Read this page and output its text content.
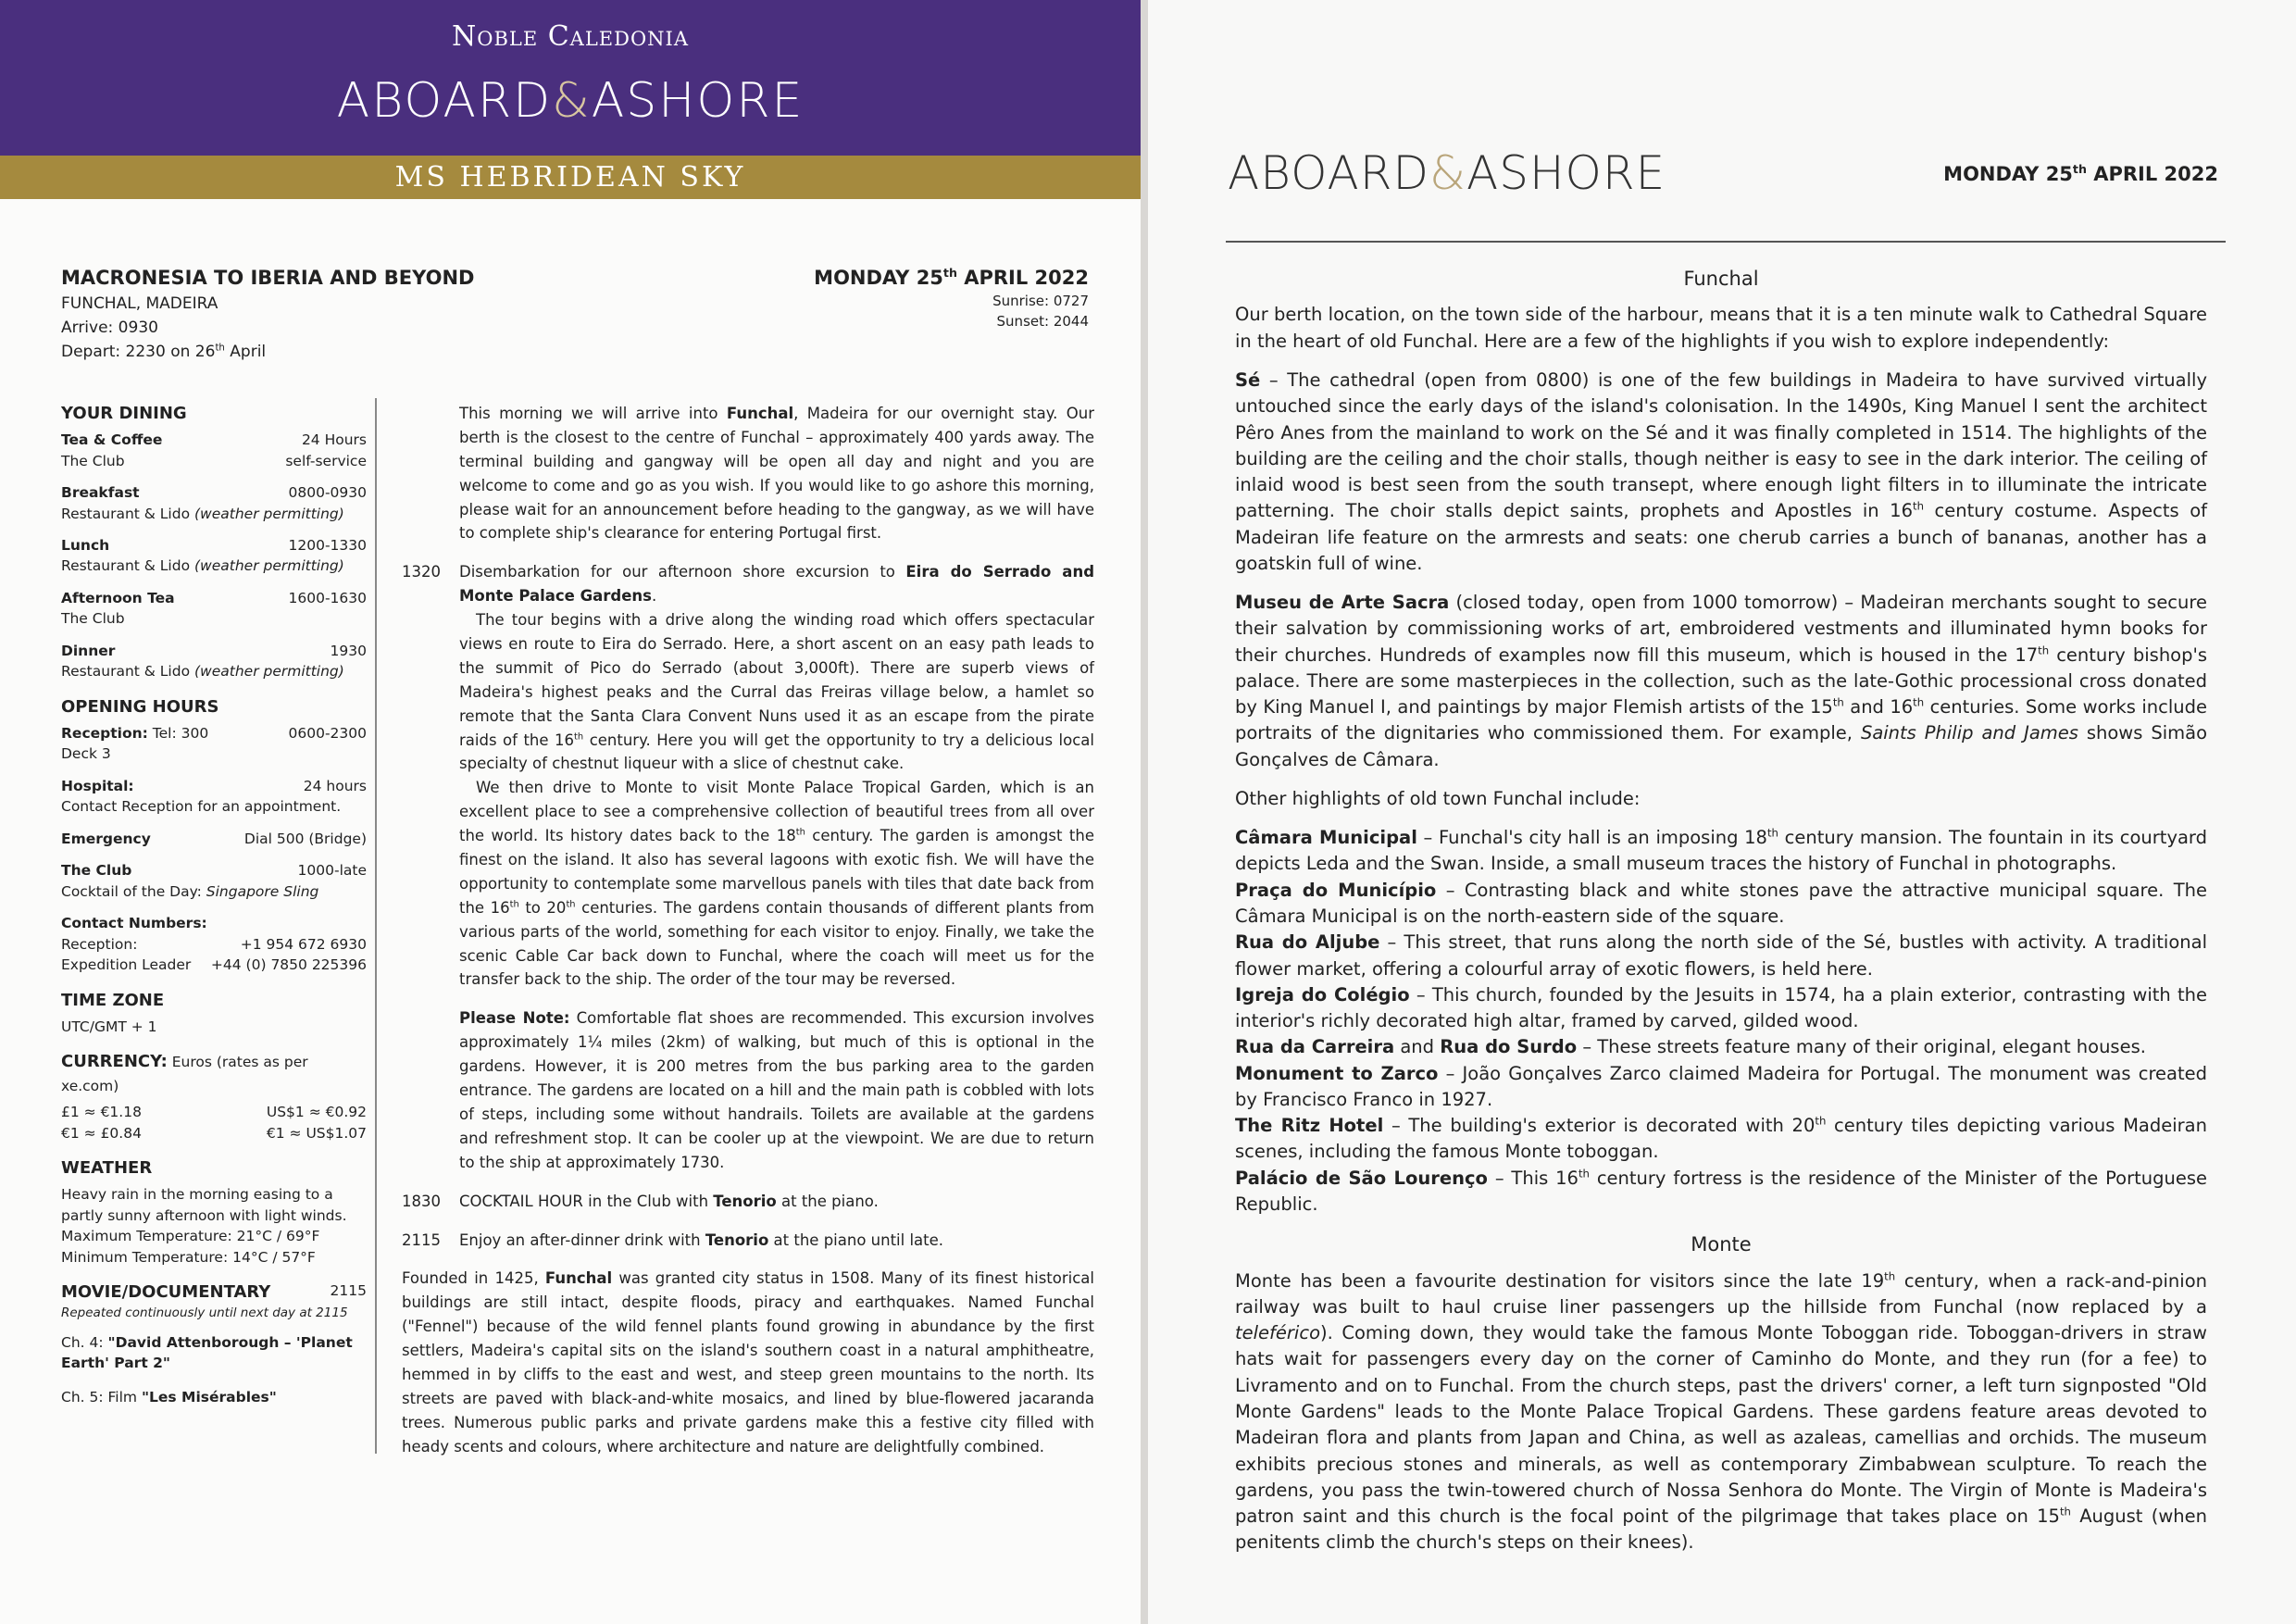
Noble Caledonia
ABOARD&ASHORE
MS HEBRIDEAN SKY
MACRONESIA TO IBERIA AND BEYOND
FUNCHAL, MADEIRA
Arrive: 0930
Depart: 2230 on 26th April
MONDAY 25th APRIL 2022
Sunrise: 0727
Sunset: 2044
YOUR DINING
Tea & Coffee	24 Hours
The Club	self-service
Breakfast	0800-0930
Restaurant & Lido (weather permitting)
Lunch	1200-1330
Restaurant & Lido (weather permitting)
Afternoon Tea	1600-1630
The Club
Dinner	1930
Restaurant & Lido (weather permitting)
OPENING HOURS
Reception: Tel: 300	0600-2300
Deck 3
Hospital:	24 hours
Contact Reception for an appointment.
Emergency	Dial 500 (Bridge)
The Club	1000-late
Cocktail of the Day: Singapore Sling
Contact Numbers:
Reception:	+1 954 672 6930
Expedition Leader +44 (0) 7850 225396
TIME ZONE
UTC/GMT + 1
CURRENCY: Euros (rates as per xe.com)
£1 ≈ €1.18	US$1 ≈ €0.92
€1 ≈ £0.84	€1 ≈ US$1.07
WEATHER
Heavy rain in the morning easing to a partly sunny afternoon with light winds.
Maximum Temperature: 21°C / 69°F
Minimum Temperature: 14°C / 57°F
MOVIE/DOCUMENTARY	2115
Repeated continuously until next day at 2115
Ch. 4: "David Attenborough – 'Planet Earth' Part 2"
Ch. 5: Film "Les Misérables"
This morning we will arrive into Funchal, Madeira for our overnight stay. Our berth is the closest to the centre of Funchal – approximately 400 yards away. The terminal building and gangway will be open all day and night and you are welcome to come and go as you wish. If you would like to go ashore this morning, please wait for an announcement before heading to the gangway, as we will have to complete ship's clearance for entering Portugal first.
1320 Disembarkation for our afternoon shore excursion to Eira do Serrado and Monte Palace Gardens.
The tour begins with a drive along the winding road which offers spectacular views en route to Eira do Serrado. Here, a short ascent on an easy path leads to the summit of Pico do Serrado (about 3,000ft). There are superb views of Madeira's highest peaks and the Curral das Freiras village below, a hamlet so remote that the Santa Clara Convent Nuns used it as an escape from the pirate raids of the 16th century. Here you will get the opportunity to try a delicious local specialty of chestnut liqueur with a slice of chestnut cake.
We then drive to Monte to visit Monte Palace Tropical Garden, which is an excellent place to see a comprehensive collection of beautiful trees from all over the world. Its history dates back to the 18th century. The garden is amongst the finest on the island. It also has several lagoons with exotic fish. We will have the opportunity to contemplate some marvellous panels with tiles that date back from the 16th to 20th centuries. The gardens contain thousands of different plants from various parts of the world, something for each visitor to enjoy. Finally, we take the scenic Cable Car back down to Funchal, where the coach will meet us for the transfer back to the ship. The order of the tour may be reversed.
Please Note: Comfortable flat shoes are recommended. This excursion involves approximately 1¼ miles (2km) of walking, but much of this is optional in the gardens. However, it is 200 metres from the bus parking area to the garden entrance. The gardens are located on a hill and the main path is cobbled with lots of steps, including some without handrails. Toilets are available at the gardens and refreshment stop. It can be cooler up at the viewpoint. We are due to return to the ship at approximately 1730.
1830 COCKTAIL HOUR in the Club with Tenorio at the piano.
2115 Enjoy an after-dinner drink with Tenorio at the piano until late.
Founded in 1425, Funchal was granted city status in 1508. Many of its finest historical buildings are still intact, despite floods, piracy and earthquakes. Named Funchal ("Fennel") because of the wild fennel plants found growing in abundance by the first settlers, Madeira's capital sits on the island's southern coast in a natural amphitheatre, hemmed in by cliffs to the east and west, and steep green mountains to the north. Its streets are paved with black-and-white mosaics, and lined by blue-flowered jacaranda trees. Numerous public parks and private gardens make this a festive city filled with heady scents and colours, where architecture and nature are delightfully combined.
ABOARD&ASHORE	MONDAY 25th APRIL 2022
Funchal

Our berth location, on the town side of the harbour, means that it is a ten minute walk to Cathedral Square in the heart of old Funchal. Here are a few of the highlights if you wish to explore independently:

Sé – The cathedral (open from 0800) is one of the few buildings in Madeira to have survived virtually untouched since the early days of the island's colonisation. In the 1490s, King Manuel I sent the architect Pêro Anes from the mainland to work on the Sé and it was finally completed in 1514. The highlights of the building are the ceiling and the choir stalls, though neither is easy to see in the dark interior. The ceiling of inlaid wood is best seen from the south transept, where enough light filters in to illuminate the intricate patterning. The choir stalls depict saints, prophets and Apostles in 16th century costume. Aspects of Madeiran life feature on the armrests and seats: one cherub carries a bunch of bananas, another has a goatskin full of wine.

Museu de Arte Sacra (closed today, open from 1000 tomorrow) – Madeiran merchants sought to secure their salvation by commissioning works of art, embroidered vestments and illuminated hymn books for their churches. Hundreds of examples now fill this museum, which is housed in the 17th century bishop's palace. There are some masterpieces in the collection, such as the late-Gothic processional cross donated by King Manuel I, and paintings by major Flemish artists of the 15th and 16th centuries. Some works include portraits of the dignitaries who commissioned them. For example, Saints Philip and James shows Simão Gonçalves de Câmara.

Other highlights of old town Funchal include:

Câmara Municipal – Funchal's city hall is an imposing 18th century mansion. The fountain in its courtyard depicts Leda and the Swan. Inside, a small museum traces the history of Funchal in photographs.

Praça do Município – Contrasting black and white stones pave the attractive municipal square. The Câmara Municipal is on the north-eastern side of the square.

Rua do Aljube – This street, that runs along the north side of the Sé, bustles with activity. A traditional flower market, offering a colourful array of exotic flowers, is held here.

Igreja do Colégio – This church, founded by the Jesuits in 1574, ha a plain exterior, contrasting with the interior's richly decorated high altar, framed by carved, gilded wood.

Rua da Carreira and Rua do Surdo – These streets feature many of their original, elegant houses.

Monument to Zarco – João Gonçalves Zarco claimed Madeira for Portugal. The monument was created by Francisco Franco in 1927.

The Ritz Hotel – The building's exterior is decorated with 20th century tiles depicting various Madeiran scenes, including the famous Monte toboggan.

Palácio de São Lourenço – This 16th century fortress is the residence of the Minister of the Portuguese Republic.

Monte

Monte has been a favourite destination for visitors since the late 19th century, when a rack-and-pinion railway was built to haul cruise liner passengers up the hillside from Funchal (now replaced by a teleférico). Coming down, they would take the famous Monte Toboggan ride. Toboggan-drivers in straw hats wait for passengers every day on the corner of Caminho do Monte, and they run (for a fee) to Livramento and on to Funchal. From the church steps, past the drivers' corner, a left turn signposted "Old Monte Gardens" leads to the Monte Palace Tropical Gardens. These gardens feature areas devoted to Madeiran flora and plants from Japan and China, as well as azaleas, camellias and orchids. The museum exhibits precious stones and minerals, as well as contemporary Zimbabwean sculpture. To reach the gardens, you pass the twin-towered church of Nossa Senhora do Monte. The Virgin of Monte is Madeira's patron saint and this church is the focal point of the pilgrimage that takes place on 15th August (when penitents climb the church's steps on their knees).
